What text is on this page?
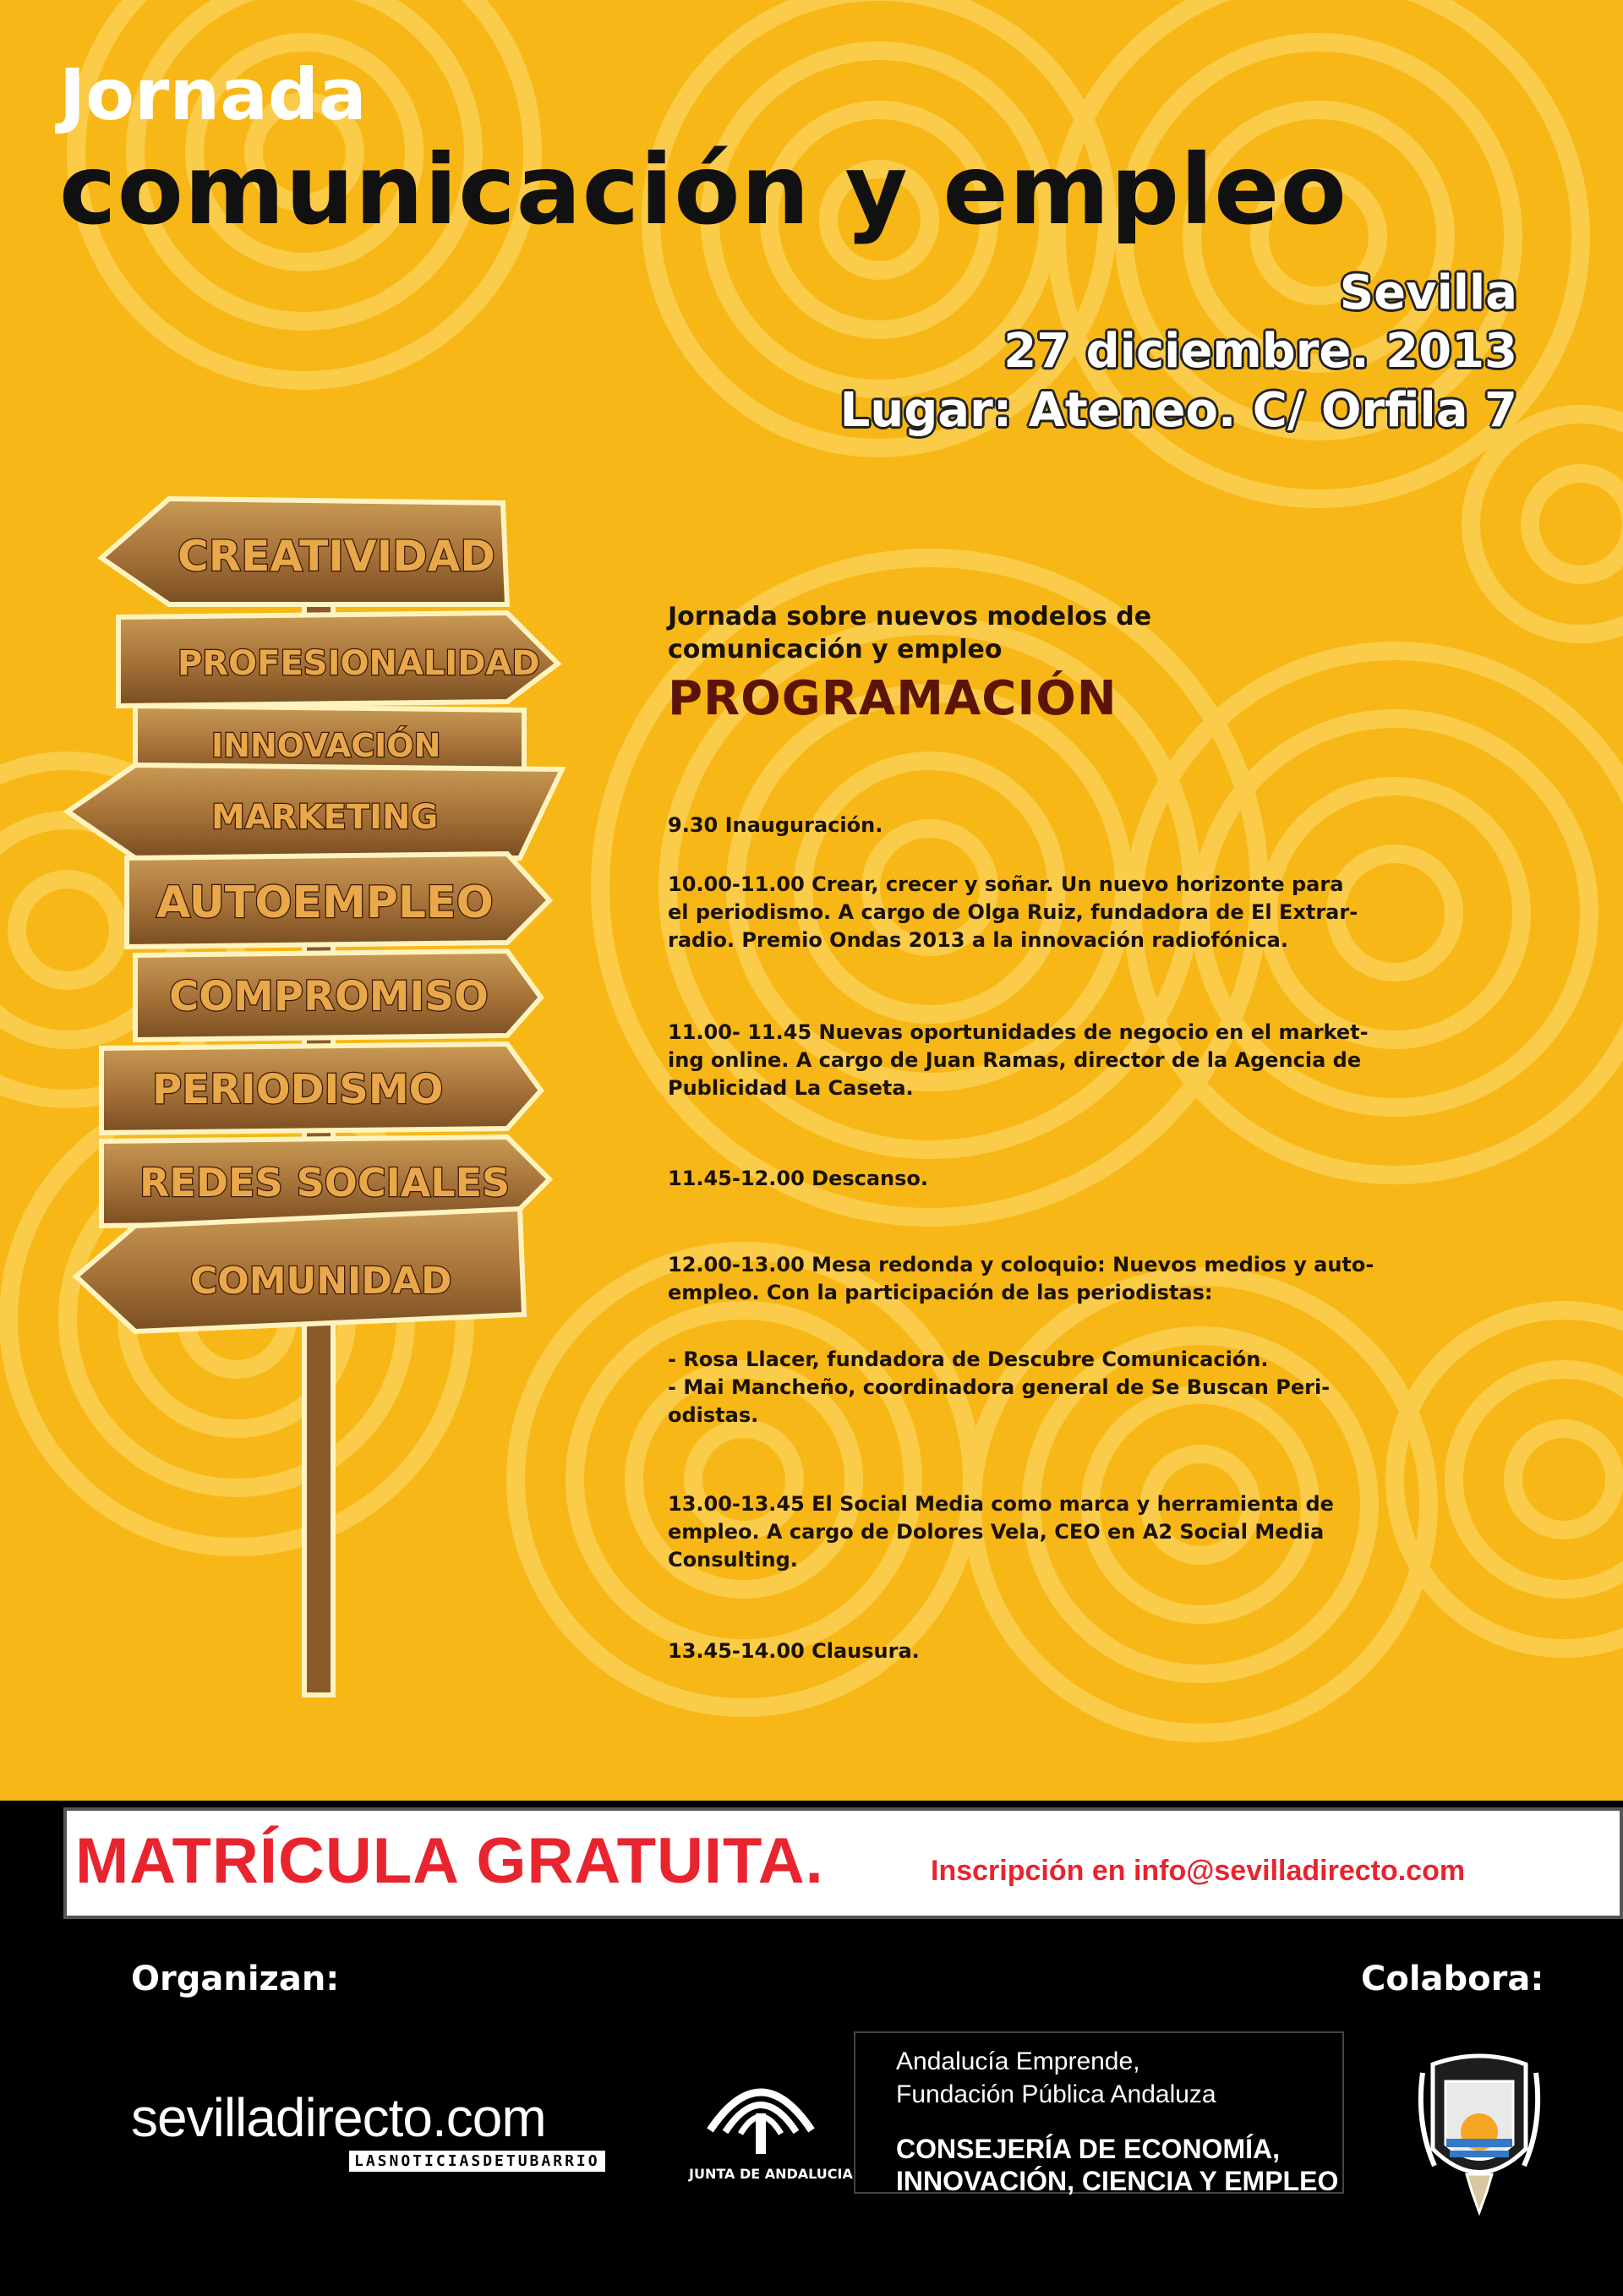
Jornada
comunicación y empleo
Sevilla
27 diciembre. 2013
Lugar: Ateneo. C/ Orfila 7
CREATIVIDAD
PROFESIONALIDAD
INNOVACIÓN
MARKETING
AUTOEMPLEO
COMPROMISO
PERIODISMO
REDES SOCIALES
COMUNIDAD
Jornada sobre nuevos modelos de
comunicación y empleo
PROGRAMACIÓN

9.30 Inauguración.

10.00-11.00 Crear, crecer y soñar. Un nuevo horizonte para

el periodismo. A cargo de Olga Ruiz, fundadora de El Extrar-

radio. Premio Ondas 2013 a la innovación radiofónica.

11.00- 11.45 Nuevas oportunidades de negocio en el market-

ing online. A cargo de Juan Ramas, director de la Agencia de

Publicidad La Caseta.

11.45-12.00 Descanso.

12.00-13.00 Mesa redonda y coloquio: Nuevos medios y auto-

empleo. Con la participación de las periodistas:

- Rosa Llacer, fundadora de Descubre Comunicación.

- Mai Mancheño, coordinadora general de Se Buscan Peri-

odistas.

13.00-13.45 El Social Media como marca y herramienta de

empleo. A cargo de Dolores Vela, CEO en A2 Social Media

Consulting.

13.45-14.00 Clausura.

MATRÍCULA GRATUITA.	Inscripción en info@sevilladirecto.com
Organizan:	Colabora:
sevilladirecto.com
LASNOTICIASDETUBARRIO
JUNTA DE ANDALUCIA
Andalucía Emprende,
Fundación Pública Andaluza
CONSEJERÍA DE ECONOMÍA,
INNOVACIÓN, CIENCIA Y EMPLEO
